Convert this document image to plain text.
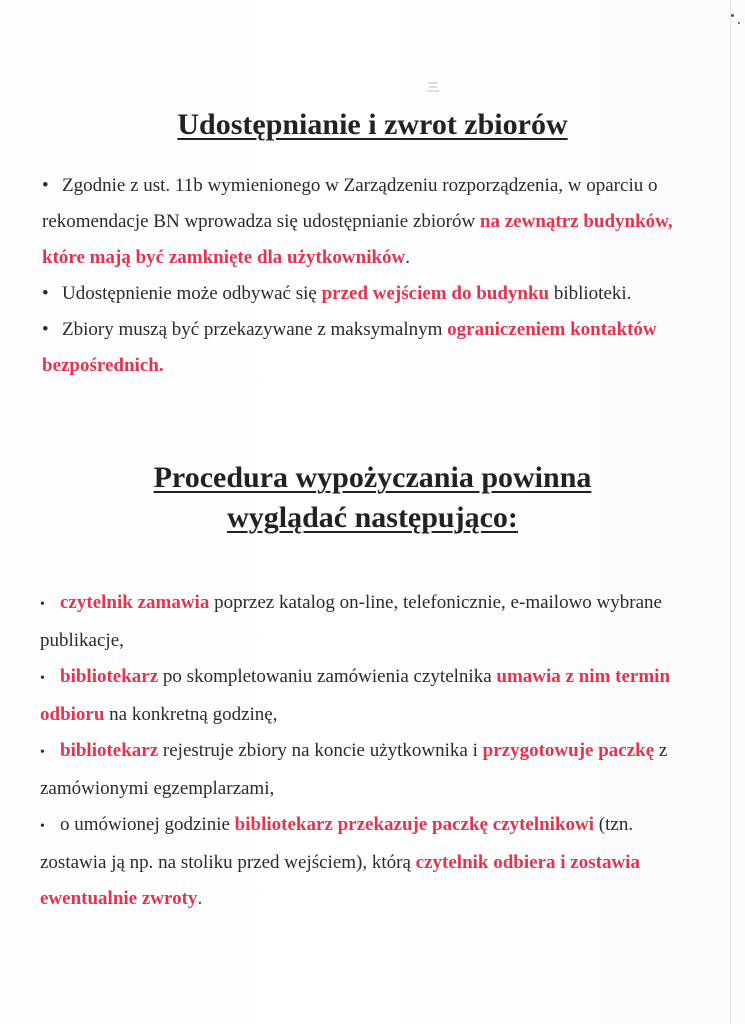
Udostępnianie i zwrot zbiorów
• Zgodnie z ust. 11b wymienionego w Zarządzeniu rozporządzenia, w oparciu o rekomendacje BN wprowadza się udostępnianie zbiorów na zewnątrz budynków, które mają być zamknięte dla użytkowników.
• Udostępnienie może odbywać się przed wejściem do budynku biblioteki.
• Zbiory muszą być przekazywane z maksymalnym ograniczeniem kontaktów bezpośrednich.
Procedura wypożyczania powinna
wyglądać następująco:
• czytelnik zamawia poprzez katalog on-line, telefonicznie, e-mailowo wybrane publikacje,
• bibliotekarz po skompletowaniu zamówienia czytelnika umawia z nim termin odbioru na konkretną godzinę,
• bibliotekarz rejestruje zbiory na koncie użytkownika i przygotowuje paczkę z zamówionymi egzemplarzami,
• o umówionej godzinie bibliotekarz przekazuje paczkę czytelnikowi (tzn. zostawia ją np. na stoliku przed wejściem), którą czytelnik odbiera i zostawia ewentualnie zwroty.
